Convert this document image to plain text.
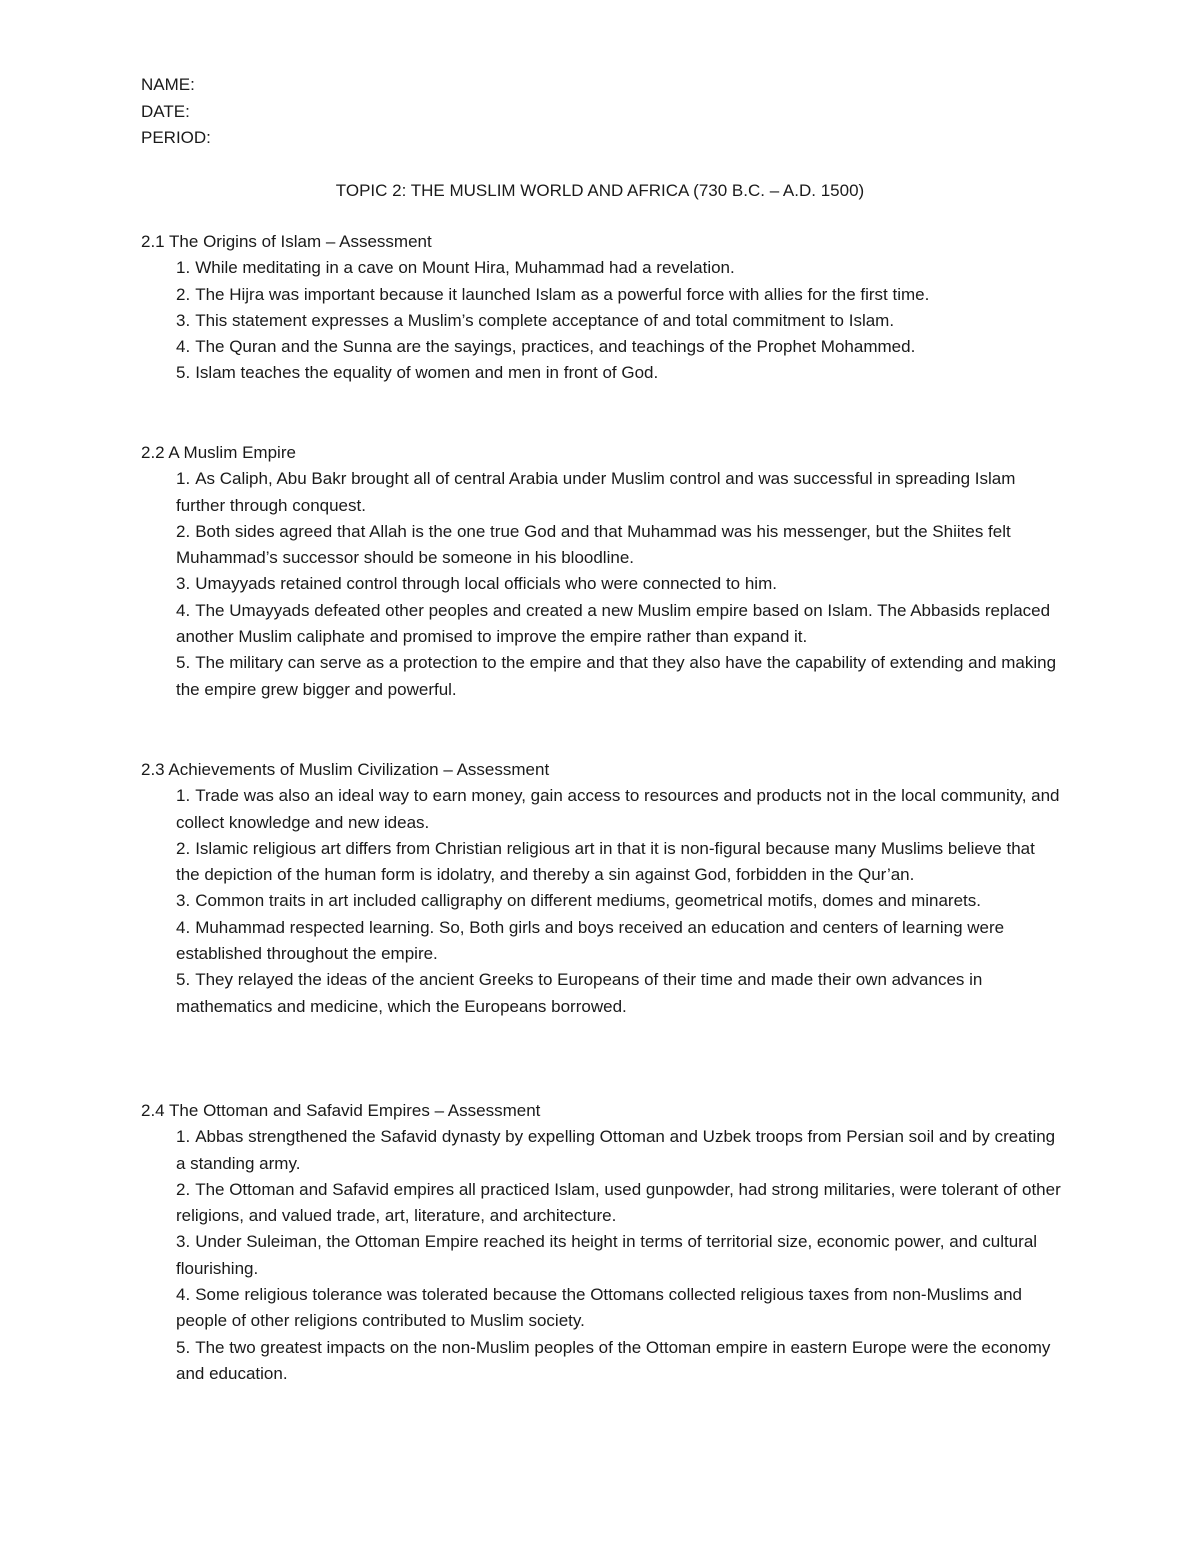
NAME:
DATE:
PERIOD:
TOPIC 2: THE MUSLIM WORLD AND AFRICA (730 B.C. – A.D. 1500)
2.1 The Origins of Islam – Assessment
1. While meditating in a cave on Mount Hira, Muhammad had a revelation.
2. The Hijra was important because it launched Islam as a powerful force with allies for the first time.
3. This statement expresses a Muslim’s complete acceptance of and total commitment to Islam.
4. The Quran and the Sunna are the sayings, practices, and teachings of the Prophet Mohammed.
5. Islam teaches the equality of women and men in front of God.
2.2 A Muslim Empire
1. As Caliph, Abu Bakr brought all of central Arabia under Muslim control and was successful in spreading Islam further through conquest.
2. Both sides agreed that Allah is the one true God and that Muhammad was his messenger, but the Shiites felt Muhammad’s successor should be someone in his bloodline.
3. Umayyads retained control through local officials who were connected to him.
4. The Umayyads defeated other peoples and created a new Muslim empire based on Islam. The Abbasids replaced another Muslim caliphate and promised to improve the empire rather than expand it.
5. The military can serve as a protection to the empire and that they also have the capability of extending and making the empire grew bigger and powerful.
2.3 Achievements of Muslim Civilization – Assessment
1. Trade was also an ideal way to earn money, gain access to resources and products not in the local community, and collect knowledge and new ideas.
2. Islamic religious art differs from Christian religious art in that it is non-figural because many Muslims believe that the depiction of the human form is idolatry, and thereby a sin against God, forbidden in the Qur’an.
3. Common traits in art included calligraphy on different mediums, geometrical motifs, domes and minarets.
4. Muhammad respected learning. So, Both girls and boys received an education and centers of learning were established throughout the empire.
5. They relayed the ideas of the ancient Greeks to Europeans of their time and made their own advances in mathematics and medicine, which the Europeans borrowed.
2.4 The Ottoman and Safavid Empires – Assessment
1. Abbas strengthened the Safavid dynasty by expelling Ottoman and Uzbek troops from Persian soil and by creating a standing army.
2. The Ottoman and Safavid empires all practiced Islam, used gunpowder, had strong militaries, were tolerant of other religions, and valued trade, art, literature, and architecture.
3. Under Suleiman, the Ottoman Empire reached its height in terms of territorial size, economic power, and cultural flourishing.
4. Some religious tolerance was tolerated because the Ottomans collected religious taxes from non-Muslims and people of other religions contributed to Muslim society.
5. The two greatest impacts on the non-Muslim peoples of the Ottoman empire in eastern Europe were the economy and education.
